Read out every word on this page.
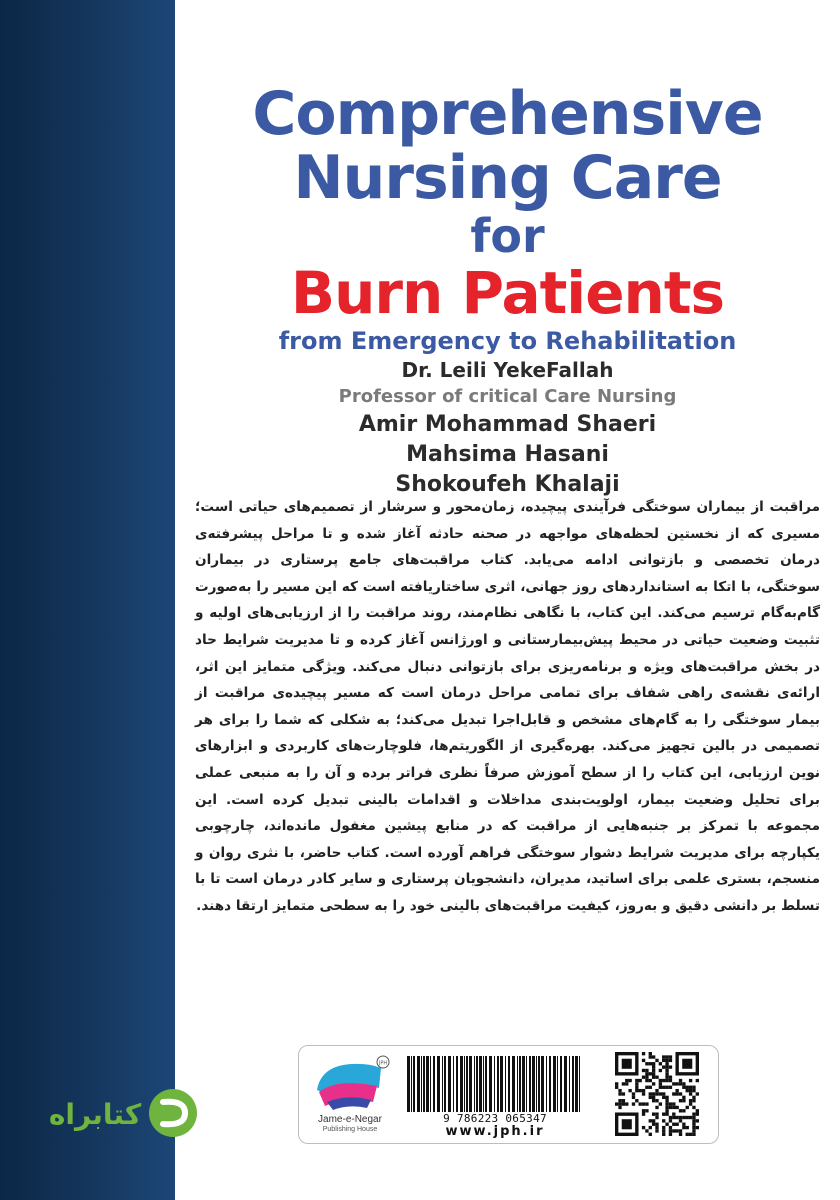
Comprehensive
Nursing Care
for
Burn Patients
from Emergency to Rehabilitation
Dr. Leili YekeFallah
Professor of critical Care Nursing
Amir Mohammad Shaeri
Mahsima Hasani
Shokoufeh Khalaji
مراقبت از بیماران سوختگی فرآیندی پیچیده، زمان‌محور و سرشار از تصمیم‌های حیاتی است؛ مسیری که از نخستین لحظه‌های مواجهه در صحنه حادثه آغاز شده و تا مراحل پیشرفته‌ی درمان تخصصی و بازتوانی ادامه می‌یابد. کتاب مراقبت‌های جامع پرستاری در بیماران سوختگی، با اتکا به استانداردهای روز جهانی، اثری ساختاریافته است که این مسیر را به‌صورت گام‌به‌گام ترسیم می‌کند. این کتاب، با نگاهی نظام‌مند، روند مراقبت را از ارزیابی‌های اولیه و تثبیت وضعیت حیاتی در محیط پیش‌بیمارستانی و اورژانس آغاز کرده و تا مدیریت شرایط حاد در بخش مراقبت‌های ویژه و برنامه‌ریزی برای بازتوانی دنبال می‌کند. ویژگی متمایز این اثر، ارائه‌ی نقشه‌ی راهی شفاف برای تمامی مراحل درمان است که مسیر پیچیده‌ی مراقبت از بیمار سوختگی را به گام‌های مشخص و قابل‌اجرا تبدیل می‌کند؛ به شکلی که شما را برای هر تصمیمی در بالین تجهیز می‌کند. بهره‌گیری از الگوریتم‌ها، فلوچارت‌های کاربردی و ابزارهای نوین ارزیابی، این کتاب را از سطح آموزش صرفاً نظری فراتر برده و آن را به منبعی عملی برای تحلیل وضعیت بیمار، اولویت‌بندی مداخلات و اقدامات بالینی تبدیل کرده است. این مجموعه با تمرکز بر جنبه‌هایی از مراقبت که در منابع پیشین مغفول مانده‌اند، چارچوبی یکپارچه برای مدیریت شرایط دشوار سوختگی فراهم آورده است. کتاب حاضر، با نثری روان و منسجم، بستری علمی برای اساتید، مدیران، دانشجویان پرستاری و سایر کادر درمان است تا با تسلط بر دانشی دقیق و به‌روز، کیفیت مراقبت‌های بالینی خود را به سطحی متمایز ارتقا دهند.
JPH
Jame-e-Negar
Publishing House
9 786223 065347
www.jph.ir
کتابراه
